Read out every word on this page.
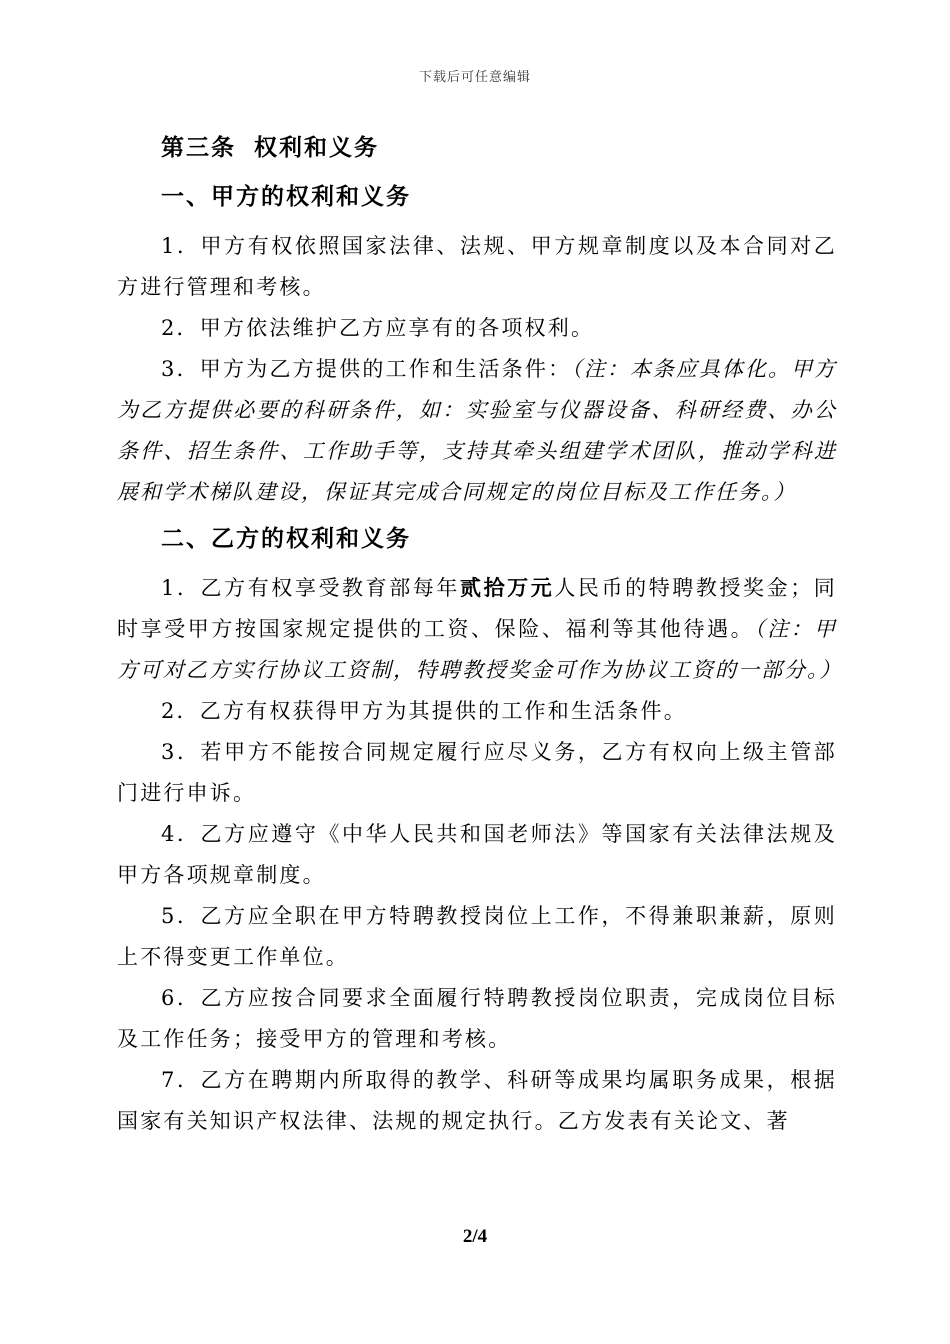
下载后可任意编辑
第三条 权利和义务
一、甲方的权利和义务
1．甲方有权依照国家法律、法规、甲方规章制度以及本合同对乙方进行管理和考核。
2．甲方依法维护乙方应享有的各项权利。
3．甲方为乙方提供的工作和生活条件：（注：本条应具体化。甲方为乙方提供必要的科研条件，如：实验室与仪器设备、科研经费、办公条件、招生条件、工作助手等，支持其牵头组建学术团队，推动学科进展和学术梯队建设，保证其完成合同规定的岗位目标及工作任务。）
二、乙方的权利和义务
1．乙方有权享受教育部每年贰拾万元人民币的特聘教授奖金；同时享受甲方按国家规定提供的工资、保险、福利等其他待遇。（注：甲方可对乙方实行协议工资制，特聘教授奖金可作为协议工资的一部分。）
2．乙方有权获得甲方为其提供的工作和生活条件。
3．若甲方不能按合同规定履行应尽义务，乙方有权向上级主管部门进行申诉。
4．乙方应遵守《中华人民共和国老师法》等国家有关法律法规及甲方各项规章制度。
5．乙方应全职在甲方特聘教授岗位上工作，不得兼职兼薪，原则上不得变更工作单位。
6．乙方应按合同要求全面履行特聘教授岗位职责，完成岗位目标及工作任务；接受甲方的管理和考核。
7．乙方在聘期内所取得的教学、科研等成果均属职务成果，根据国家有关知识产权法律、法规的规定执行。乙方发表有关论文、著
2/4
